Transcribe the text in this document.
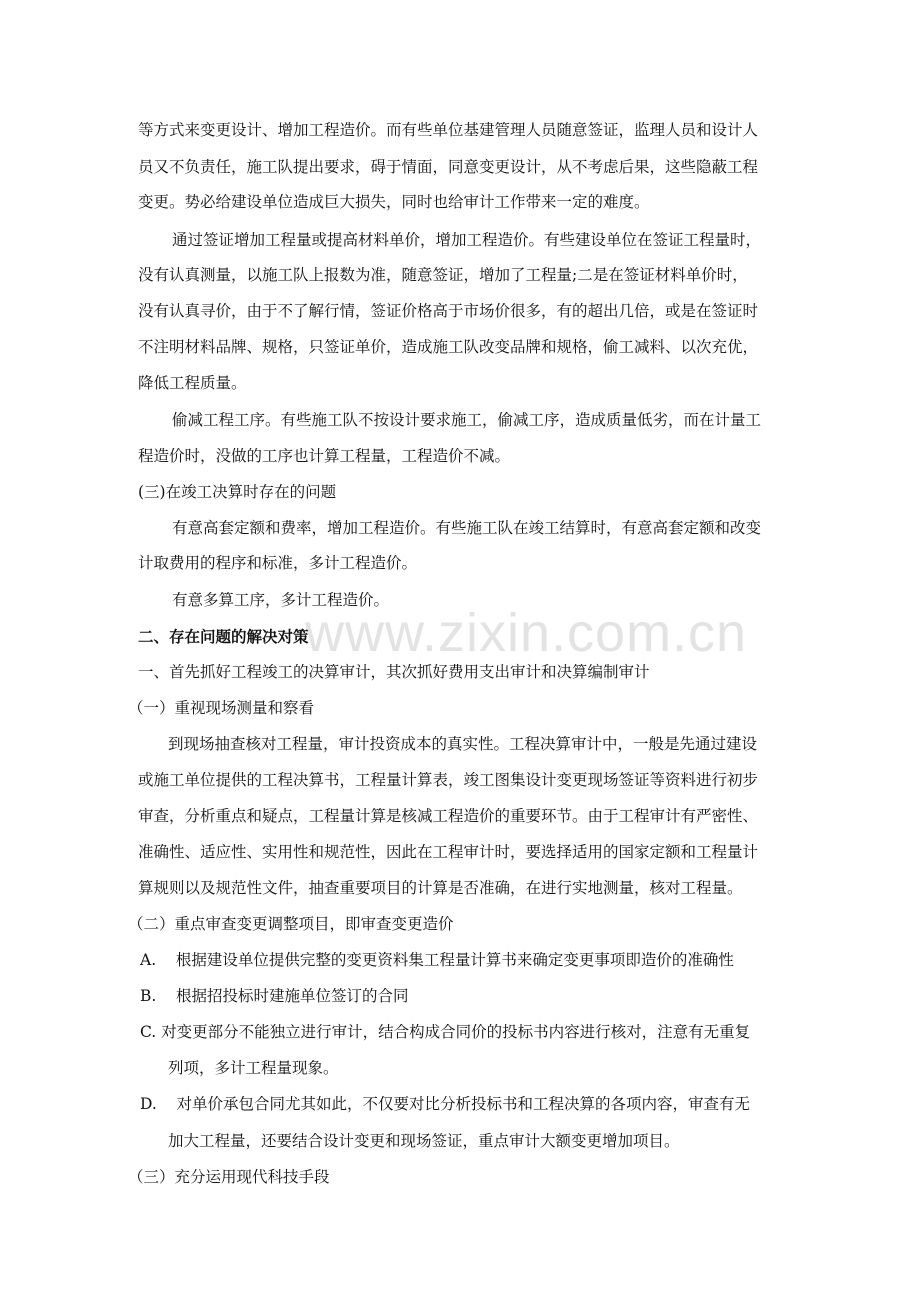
www.zixin.com.cn
等方式来变更设计、增加工程造价。而有些单位基建管理人员随意签证，监理人员和设计人
员又不负责任，施工队提出要求，碍于情面，同意变更设计，从不考虑后果，这些隐蔽工程
变更。势必给建设单位造成巨大损失，同时也给审计工作带来一定的难度。
通过签证增加工程量或提高材料单价，增加工程造价。有些建设单位在签证工程量时，
没有认真测量，以施工队上报数为准，随意签证，增加了工程量;二是在签证材料单价时，
没有认真寻价，由于不了解行情，签证价格高于市场价很多，有的超出几倍，或是在签证时
不注明材料品牌、规格，只签证单价，造成施工队改变品牌和规格，偷工减料、以次充优，
降低工程质量。
偷减工程工序。有些施工队不按设计要求施工，偷减工序，造成质量低劣，而在计量工
程造价时，没做的工序也计算工程量，工程造价不减。
(三)在竣工决算时存在的问题
有意高套定额和费率，增加工程造价。有些施工队在竣工结算时，有意高套定额和改变
计取费用的程序和标准，多计工程造价。
有意多算工序，多计工程造价。
二、存在问题的解决对策
一、首先抓好工程竣工的决算审计，其次抓好费用支出审计和决算编制审计
（一）重视现场测量和察看
到现场抽查核对工程量，审计投资成本的真实性。工程决算审计中，一般是先通过建设
或施工单位提供的工程决算书，工程量计算表，竣工图集设计变更现场签证等资料进行初步
审查，分析重点和疑点，工程量计算是核减工程造价的重要环节。由于工程审计有严密性、
准确性、适应性、实用性和规范性，因此在工程审计时，要选择适用的国家定额和工程量计
算规则以及规范性文件，抽查重要项目的计算是否准确，在进行实地测量，核对工程量。
（二）重点审查变更调整项目，即审查变更造价
A.    根据建设单位提供完整的变更资料集工程量计算书来确定变更事项即造价的准确性
B.    根据招投标时建施单位签订的合同
C. 对变更部分不能独立进行审计，结合构成合同价的投标书内容进行核对，注意有无重复
列项，多计工程量现象。
D.    对单价承包合同尤其如此，不仅要对比分析投标书和工程决算的各项内容，审查有无
加大工程量，还要结合设计变更和现场签证，重点审计大额变更增加项目。
（三）充分运用现代科技手段
